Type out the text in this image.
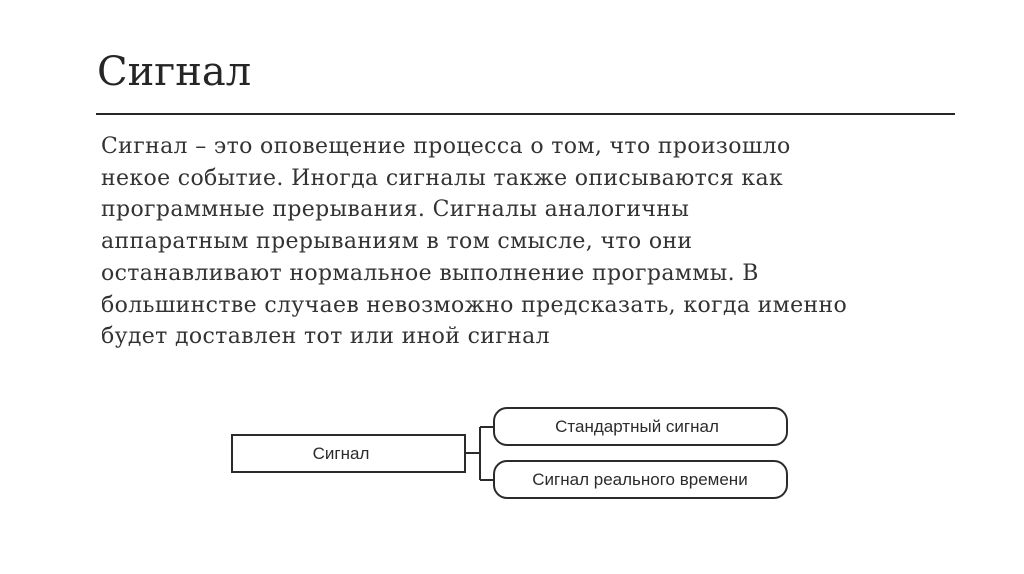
Сигнал
Сигнал – это оповещение процесса о том, что произошло
некое событие. Иногда сигналы также описываются как
программные прерывания. Сигналы аналогичны
аппаратным прерываниям в том смысле, что они
останавливают нормальное выполнение программы. В
большинстве случаев невозможно предсказать, когда именно
будет доставлен тот или иной сигнал
Сигнал
Стандартный сигнал
Сигнал реального времени
